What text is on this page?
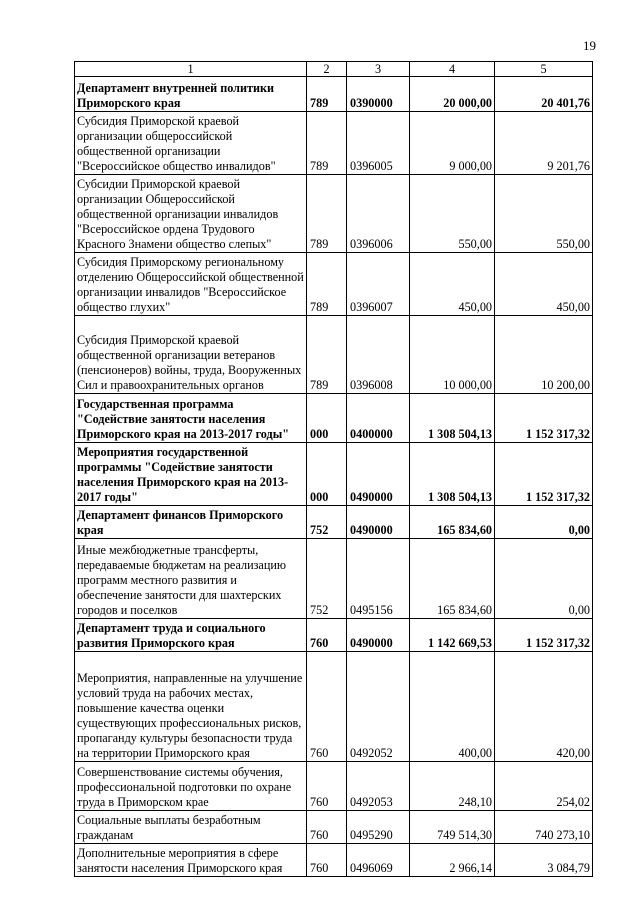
19
1	2	3	4	5
Департамент внутренней политики Приморского края	789	0390000	20 000,00	20 401,76
Субсидия Приморской краевой организации общероссийской общественной организации "Всероссийское общество инвалидов"	789	0396005	9 000,00	9 201,76
Субсидии Приморской краевой организации Общероссийской общественной организации инвалидов "Всероссийское ордена Трудового Красного Знамени общество слепых"	789	0396006	550,00	550,00
Субсидия Приморскому региональному отделению Общероссийской общественной организации инвалидов "Всероссийское общество глухих"	789	0396007	450,00	450,00
Субсидия Приморской краевой общественной организации ветеранов (пенсионеров) войны, труда, Вооруженных Сил и правоохранительных органов	789	0396008	10 000,00	10 200,00
Государственная программа "Содействие занятости населения Приморского края на 2013-2017 годы"	000	0400000	1 308 504,13	1 152 317,32
Мероприятия государственной программы "Содействие занятости населения Приморского края на 2013-2017 годы"	000	0490000	1 308 504,13	1 152 317,32
Департамент финансов Приморского края	752	0490000	165 834,60	0,00
Иные межбюджетные трансферты, передаваемые бюджетам на реализацию программ местного развития и обеспечение занятости для шахтерских городов и поселков	752	0495156	165 834,60	0,00
Департамент труда и социального развития Приморского края	760	0490000	1 142 669,53	1 152 317,32
Мероприятия, направленные на улучшение условий труда на рабочих местах, повышение качества оценки существующих профессиональных рисков, пропаганду культуры безопасности труда на территории Приморского края	760	0492052	400,00	420,00
Совершенствование системы обучения, профессиональной подготовки по охране труда в Приморском крае	760	0492053	248,10	254,02
Социальные выплаты безработным гражданам	760	0495290	749 514,30	740 273,10
Дополнительные мероприятия в сфере занятости населения Приморского края	760	0496069	2 966,14	3 084,79
